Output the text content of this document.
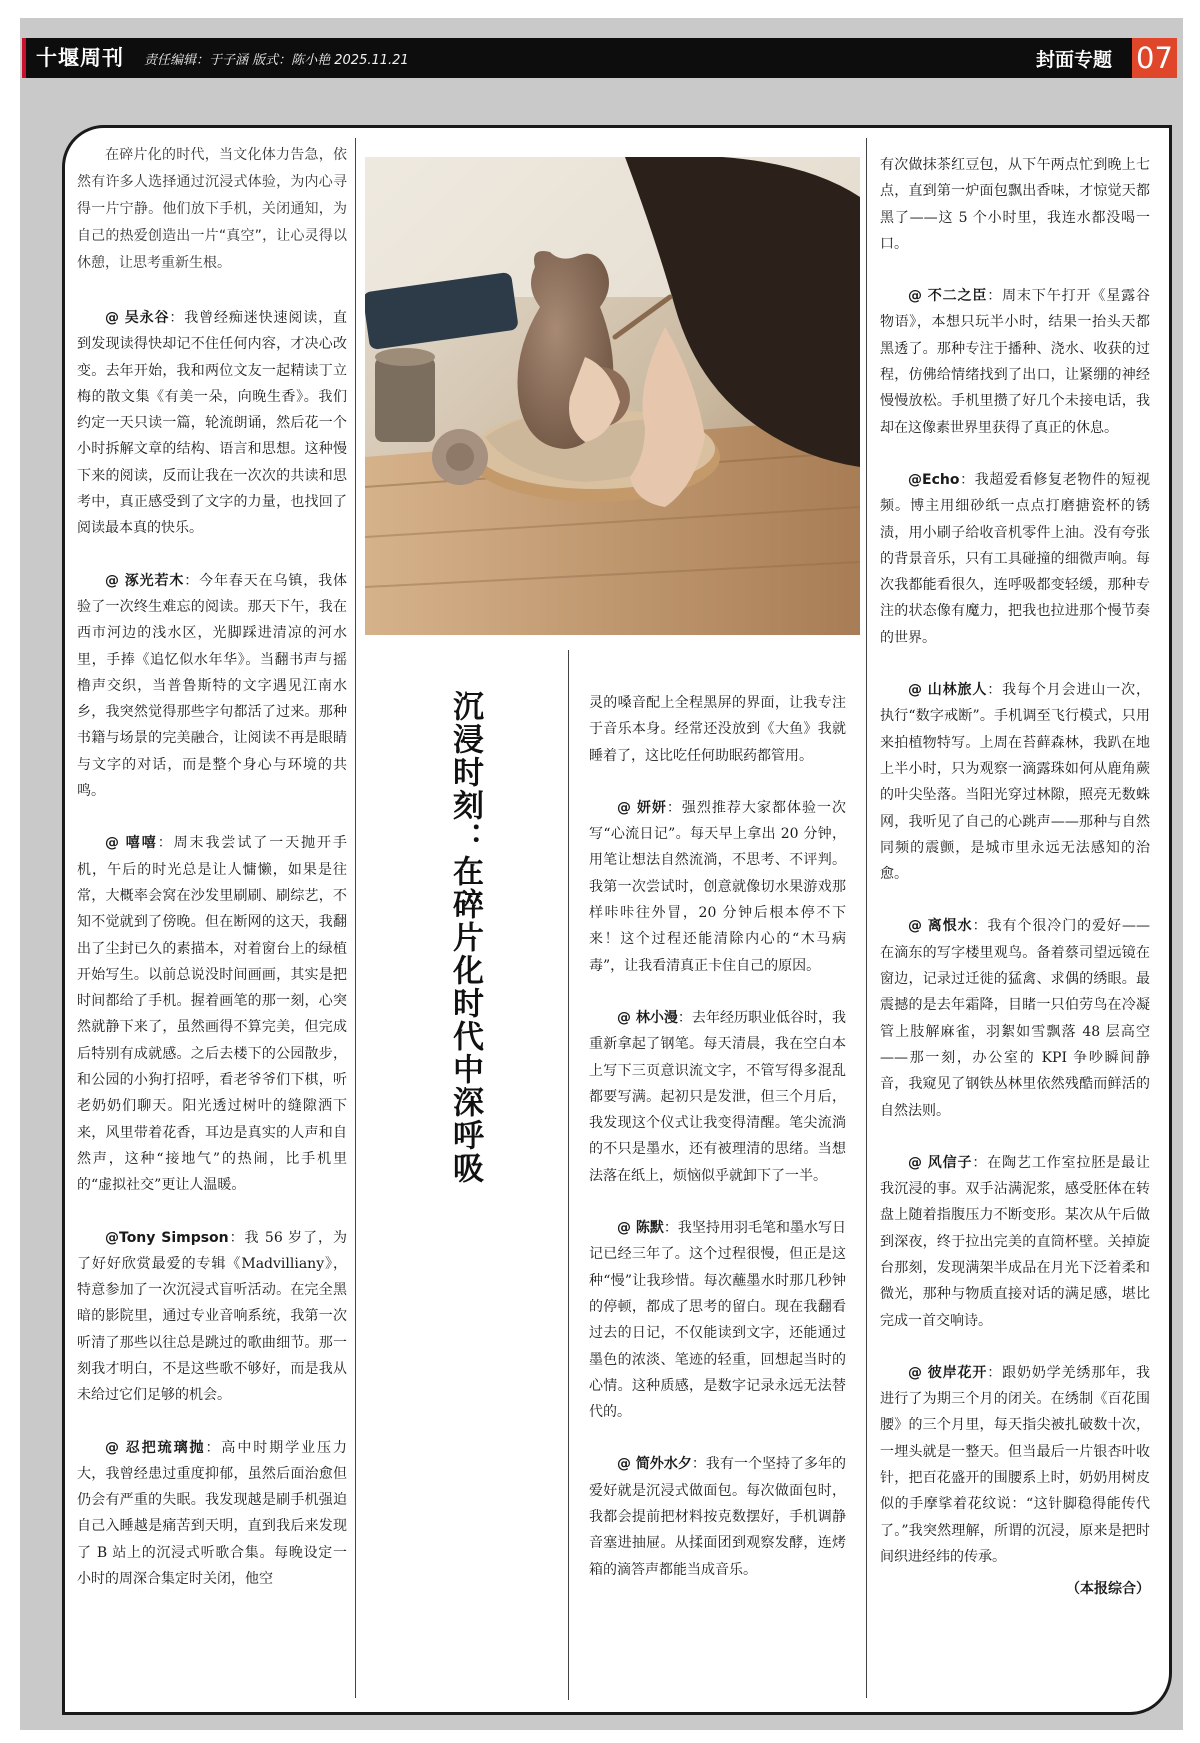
十堰周刊 责任编辑：于子涵 版式：陈小艳 2025.11.21	封面专题 07

在碎片化的时代，当文化体力告急，依然有许多人选择通过沉浸式体验，为内心寻得一片宁静。他们放下手机，关闭通知，为自己的热爱创造出一片“真空”，让心灵得以休憩，让思考重新生根。

@ 吴永谷：我曾经痴迷快速阅读，直到发现读得快却记不住任何内容，才决心改变。去年开始，我和两位文友一起精读丁立梅的散文集《有美一朵，向晚生香》。我们约定一天只读一篇，轮流朗诵，然后花一个小时拆解文章的结构、语言和思想。这种慢下来的阅读，反而让我在一次次的共读和思考中，真正感受到了文字的力量，也找回了阅读最本真的快乐。

@ 涿光若木：今年春天在乌镇，我体验了一次终生难忘的阅读。那天下午，我在西市河边的浅水区，光脚踩进清凉的河水里，手捧《追忆似水年华》。当翻书声与摇橹声交织，当普鲁斯特的文字遇见江南水乡，我突然觉得那些字句都活了过来。那种书籍与场景的完美融合，让阅读不再是眼睛与文字的对话，而是整个身心与环境的共鸣。

@ 嘻嘻：周末我尝试了一天抛开手机，午后的时光总是让人慵懒，如果是往常，大概率会窝在沙发里刷刷、刷综艺，不知不觉就到了傍晚。但在断网的这天，我翻出了尘封已久的素描本，对着窗台上的绿植开始写生。以前总说没时间画画，其实是把时间都给了手机。握着画笔的那一刻，心突然就静下来了，虽然画得不算完美，但完成后特别有成就感。之后去楼下的公园散步，和公园的小狗打招呼，看老爷爷们下棋，听老奶奶们聊天。阳光透过树叶的缝隙洒下来，风里带着花香，耳边是真实的人声和自然声，这种“接地气”的热闹，比手机里的“虚拟社交”更让人温暖。

@Tony Simpson：我 56 岁了，为了好好欣赏最爱的专辑《Madvilliany》，特意参加了一次沉浸式盲听活动。在完全黑暗的影院里，通过专业音响系统，我第一次听清了那些以往总是跳过的歌曲细节。那一刻我才明白，不是这些歌不够好，而是我从未给过它们足够的机会。

@ 忍把琉璃抛：高中时期学业压力大，我曾经患过重度抑郁，虽然后面治愈但仍会有严重的失眠。我发现越是刷手机强迫自己入睡越是痛苦到天明，直到我后来发现了 B 站上的沉浸式听歌合集。每晚设定一小时的周深合集定时关闭，他空

沉浸时刻：在碎片化时代中深呼吸	灵的嗓音配上全程黑屏的界面，让我专注于音乐本身。经常还没放到《大鱼》我就睡着了，这比吃任何助眠药都管用。

@ 妍妍：强烈推荐大家都体验一次写“心流日记”。每天早上拿出 20 分钟，用笔让想法自然流淌，不思考、不评判。我第一次尝试时，创意就像切水果游戏那样咔咔往外冒，20 分钟后根本停不下来！这个过程还能清除内心的“木马病毒”，让我看清真正卡住自己的原因。

@ 林小漫：去年经历职业低谷时，我重新拿起了钢笔。每天清晨，我在空白本上写下三页意识流文字，不管写得多混乱都要写满。起初只是发泄，但三个月后，我发现这个仪式让我变得清醒。笔尖流淌的不只是墨水，还有被理清的思绪。当想法落在纸上，烦恼似乎就卸下了一半。

@ 陈默：我坚持用羽毛笔和墨水写日记已经三年了。这个过程很慢，但正是这种“慢”让我珍惜。每次蘸墨水时那几秒钟的停顿，都成了思考的留白。现在我翻看过去的日记，不仅能读到文字，还能通过墨色的浓淡、笔迹的轻重，回想起当时的心情。这种质感，是数字记录永远无法替代的。

@ 简外水夕：我有一个坚持了多年的爱好就是沉浸式做面包。每次做面包时，我都会提前把材料按克数摆好，手机调静音塞进抽屉。从揉面团到观察发酵，连烤箱的滴答声都能当成音乐。

有次做抹茶红豆包，从下午两点忙到晚上七点，直到第一炉面包飘出香味，才惊觉天都黑了——这 5 个小时里，我连水都没喝一口。

@ 不二之臣：周末下午打开《星露谷物语》，本想只玩半小时，结果一抬头天都黑透了。那种专注于播种、浇水、收获的过程，仿佛给情绪找到了出口，让紧绷的神经慢慢放松。手机里攒了好几个未接电话，我却在这像素世界里获得了真正的休息。

@Echo：我超爱看修复老物件的短视频。博主用细砂纸一点点打磨搪瓷杯的锈渍，用小刷子给收音机零件上油。没有夸张的背景音乐，只有工具碰撞的细微声响。每次我都能看很久，连呼吸都变轻缓，那种专注的状态像有魔力，把我也拉进那个慢节奏的世界。

@ 山林旅人：我每个月会进山一次，执行“数字戒断”。手机调至飞行模式，只用来拍植物特写。上周在苔藓森林，我趴在地上半小时，只为观察一滴露珠如何从鹿角蕨的叶尖坠落。当阳光穿过林隙，照亮无数蛛网，我听见了自己的心跳声——那种与自然同频的震颤，是城市里永远无法感知的治愈。

@ 离恨水：我有个很冷门的爱好——在滴东的写字楼里观鸟。备着蔡司望远镜在窗边，记录过迁徙的猛禽、求偶的绣眼。最震撼的是去年霜降，目睹一只伯劳鸟在冷凝管上肢解麻雀，羽絮如雪飘落 48 层高空——那一刻，办公室的 KPI 争吵瞬间静音，我窥见了钢铁丛林里依然残酷而鲜活的自然法则。

@ 风信子：在陶艺工作室拉胚是最让我沉浸的事。双手沾满泥浆，感受胚体在转盘上随着指腹压力不断变形。某次从午后做到深夜，终于拉出完美的直筒杯壁。关掉旋台那刻，发现满架半成品在月光下泛着柔和微光，那种与物质直接对话的满足感，堪比完成一首交响诗。

@ 彼岸花开：跟奶奶学羌绣那年，我进行了为期三个月的闭关。在绣制《百花围腰》的三个月里，每天指尖被扎破数十次，一埋头就是一整天。但当最后一片银杏叶收针，把百花盛开的围腰系上时，奶奶用树皮似的手摩挲着花纹说：“这针脚稳得能传代了。”我突然理解，所谓的沉浸，原来是把时间织进经纬的传承。

（本报综合）
